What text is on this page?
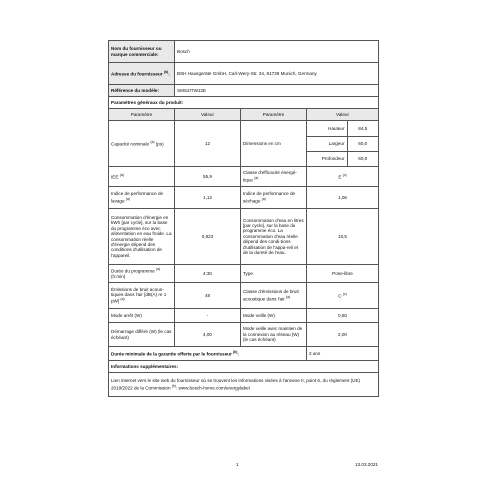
Nom du fournisseur ou marque commerciale:	Bosch
Adresse du fournisseur $^{(b)}$:	BSH Hausgeräte GmbH, Carl-Wery-Str. 34, 81739 Munich, Germany
Référence du modèle:	SMS2ITW12E
Paramètres généraux du produit:
Paramètre	Valeur	Paramètre	Valeur
Capacité nominale $^{(a)}$ (ps)	12	Dimensions en cm	
Hauteur	84,5
Largeur	60,0
Profondeur	60,0

IEE $^{(a)}$	55,9	Classe d'efficacité énergé-tique $^{(a)}$	E $^{(c)}$
Indice de performance de lavage $^{(a)}$	1,12	Indice de performance de séchage $^{(a)}$	1,06
Consommation d'énergie en kWh [par cycle], sur la base du programme éco avec alimentation en eau froide. La consommation réelle d'énergie dépend des conditions d'utilisation de l'appareil.	0,923	Consommation d'eau en litres [par cycle], sur la base du programme éco. La consommation d'eau réelle dépend des condi-tions d'utilisation de l'appa-reil et de la dureté de l'eau.	10,5
Durée du programme $^{(a)}$ (h:min)	4:30	Type	Pose-libre
Émissions de bruit acous-tiques dans l'air [dB(A) re 1 pW] $^{(a)}$	48	Classe d'émissions de bruit acoustique dans l'air $^{(a)}$	C $^{(c)}$
Mode arrêt (W)	-	Mode veille (W)	0,50
Démarrage différé (W) (le cas échéant)	4,00	Mode veille avec maintien de la connexion au réseau (W) (le cas échéant)	2,00
Durée minimale de la garantie offerte par le fournisseur $^{(b)}$:	2 ans
Informations supplémentaires:
Lien internet vers le site web du fournisseur où se trouvent les informations visées à l'annexe II, point 6, du règlement (UE) 2019/2022 de la Commission $^{(b)}$: www.bosch-home.com/energylabel
1	13.03.2021
